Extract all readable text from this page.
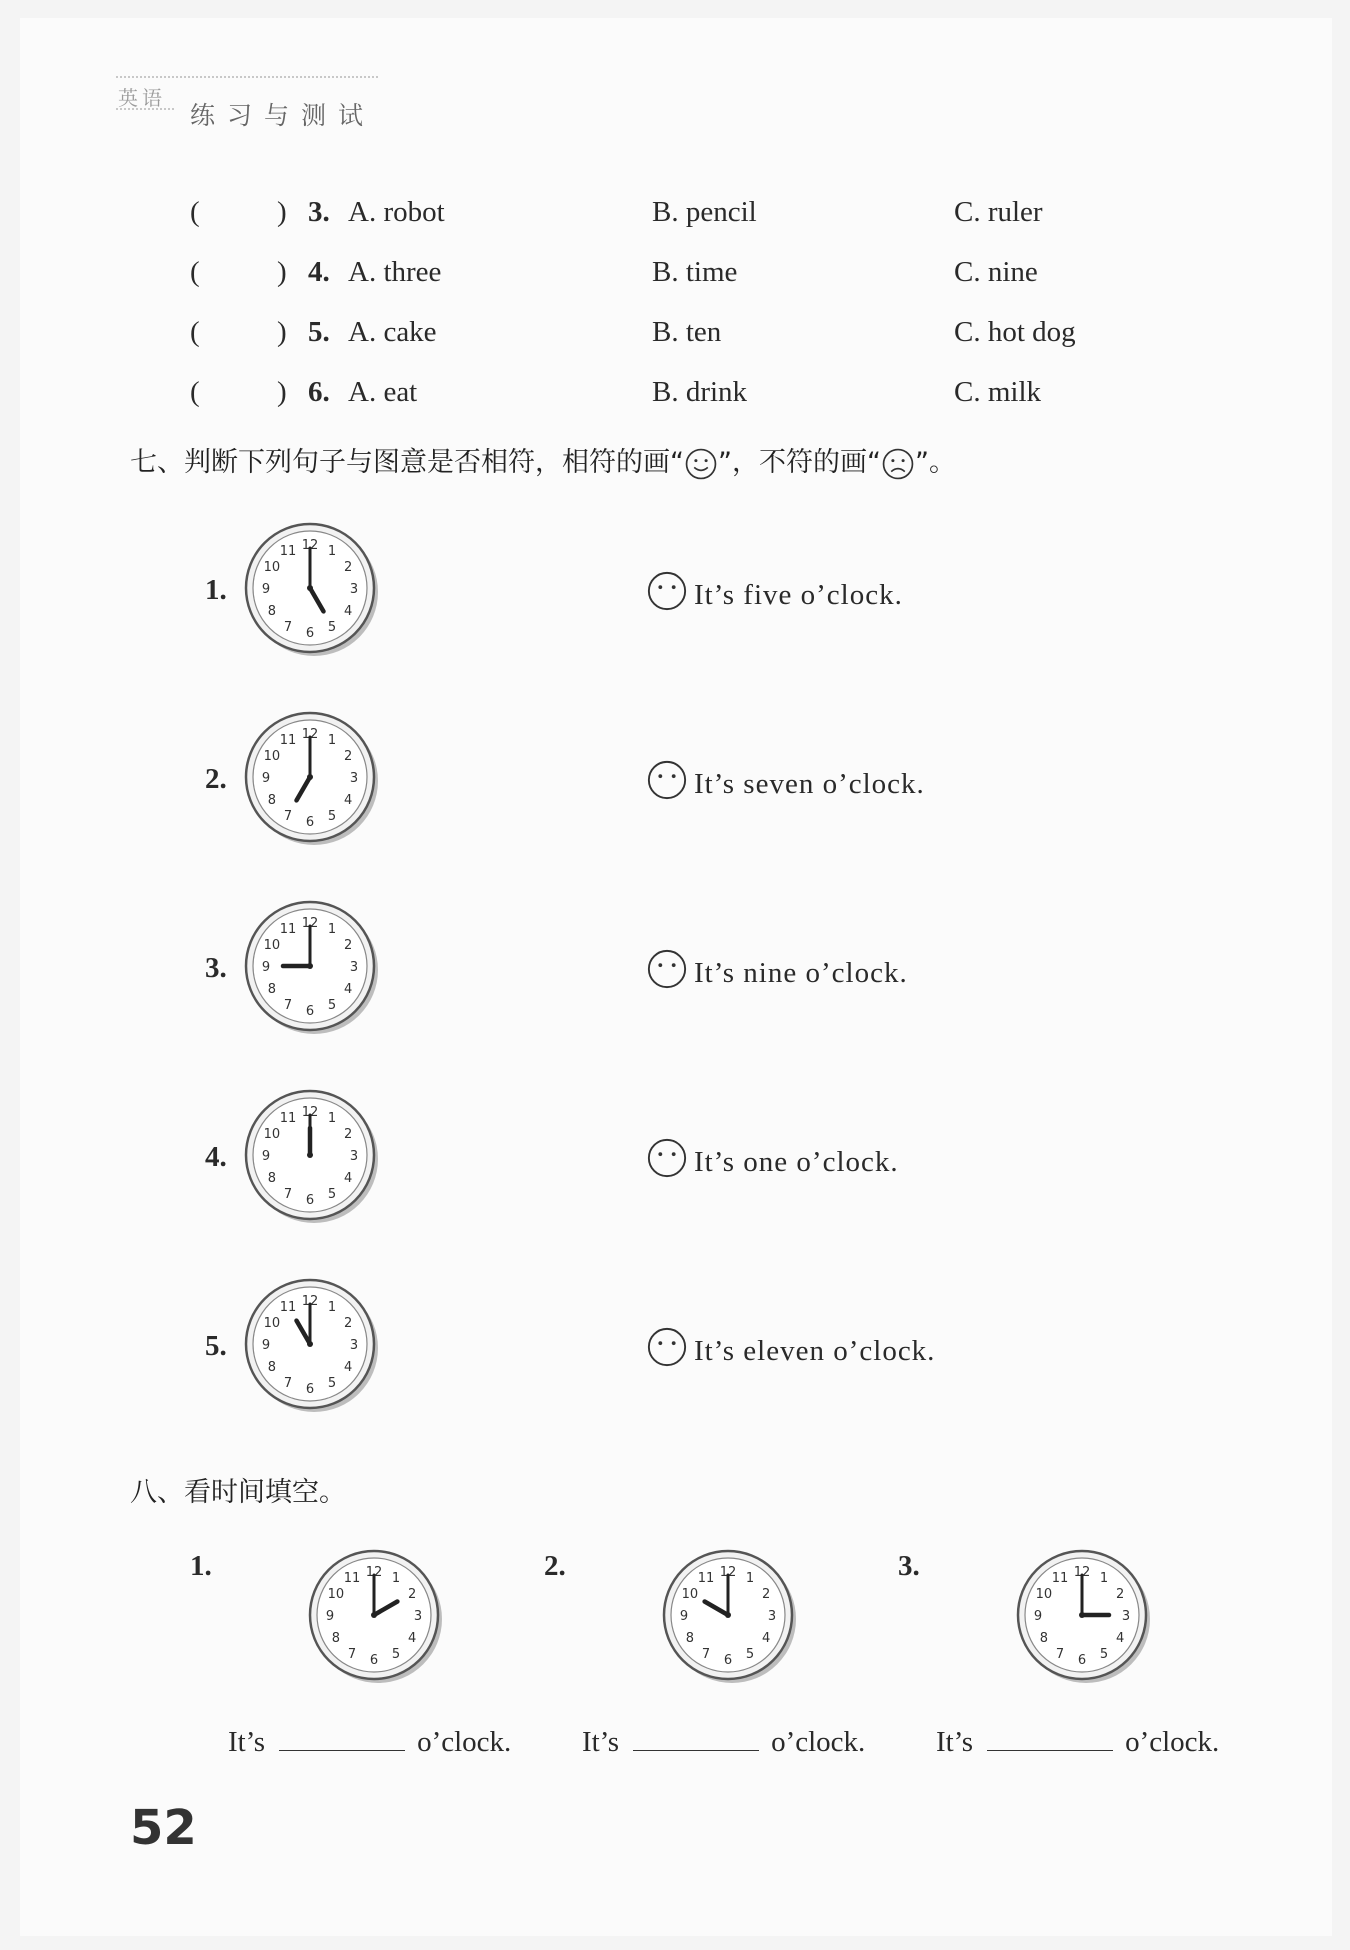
英语
练习与测试
(	) 3. A. robot	B. pencil	C. ruler
(	) 4. A. three	B. time	C. nine
(	) 5. A. cake	B. ten	C. hot dog
(	) 6. A. eat	B. drink	C. milk
七、判断下列句子与图意是否相符，相符的画“ ”，不符的画“ ”。
1.
12 1
2
3
4
5
6
7
8
9
10
11
It’s five o’clock.
2.
12 1
2
3
4
5
6
7
8
9
10
11
It’s seven o’clock.
3.
12 1
2
3
4
5
6
7
8
9
10
11
It’s nine o’clock.
4.
12 1
2
3
4
5
6
7
8
9
10
11
It’s one o’clock.
5.
12 1
2
3
4
5
6
7
8
9
10
11
It’s eleven o’clock.
八、看时间填空。
1.	12 1
2
3
4
5
6
7
8
9
10
11
It’s	o’clock.
2.	12 1
2
3
4
5
6
7
8
9
10
11
It’s	o’clock.
3.	12 1
2
3
4
5
6
7
8
9
10
11
It’s	o’clock.
52
